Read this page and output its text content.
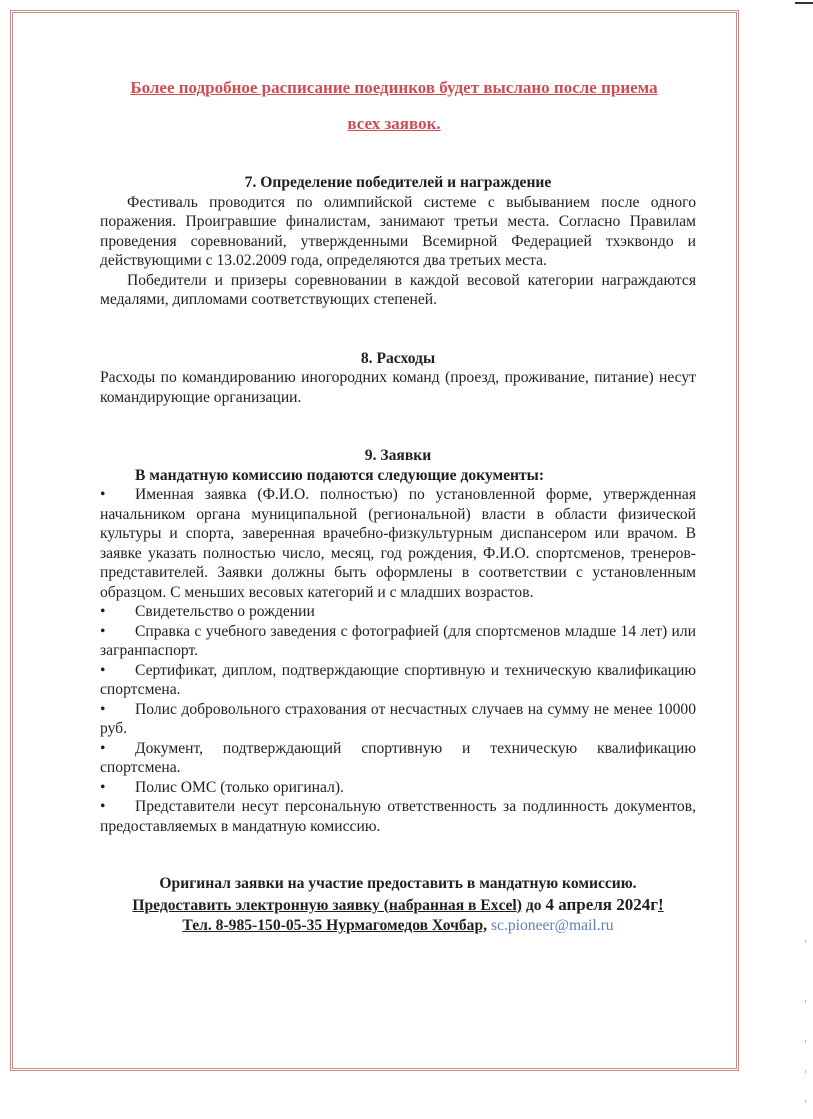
Более подробное расписание поединков будет выслано после приема
всех заявок.

7. Определение победителей и награждение

Фестиваль проводится по олимпийской системе с выбыванием после одного поражения. Проигравшие финалистам, занимают третьи места. Согласно Правилам проведения соревнований, утвержденными Всемирной Федерацией тхэквондо и действующими с 13.02.2009 года, определяются два третьих места.

Победители и призеры соревновании в каждой весовой категории награждаются медалями, дипломами соответствующих степеней.

8. Расходы

Расходы по командированию иногородних команд (проезд, проживание, питание) несут командирующие организации.

9. Заявки
В мандатную комиссию подаются следующие документы:
• Именная заявка (Ф.И.О. полностью) по установленной форме, утвержденная начальником органа муниципальной (региональной) власти в области физической культуры и спорта, заверенная врачебно-физкультурным диспансером или врачом. В заявке указать полностью число, месяц, год рождения, Ф.И.О. спортсменов, тренеров-представителей. Заявки должны быть оформлены в соответствии с установленным образцом. С меньших весовых категорий и с младших возрастов.
• Свидетельство о рождении
• Справка с учебного заведения с фотографией (для спортсменов младше 14 лет) или загранпаспорт.
• Сертификат, диплом, подтверждающие спортивную и техническую квалификацию спортсмена.
• Полис добровольного страхования от несчастных случаев на сумму не менее 10000 руб.
• Документ, подтверждающий спортивную и техническую квалификацию спортсмена.
• Полис ОМС (только оригинал).
• Представители несут персональную ответственность за подлинность документов, предоставляемых в мандатную комиссию.
Оригинал заявки на участие предоставить в мандатную комиссию.
Предоставить электронную заявку (набранная в Excel) до 4 апреля 2024г!
Тел. 8-985-150-05-35 Нурмагомедов Хочбар, sc.pioneer@mail.ru
